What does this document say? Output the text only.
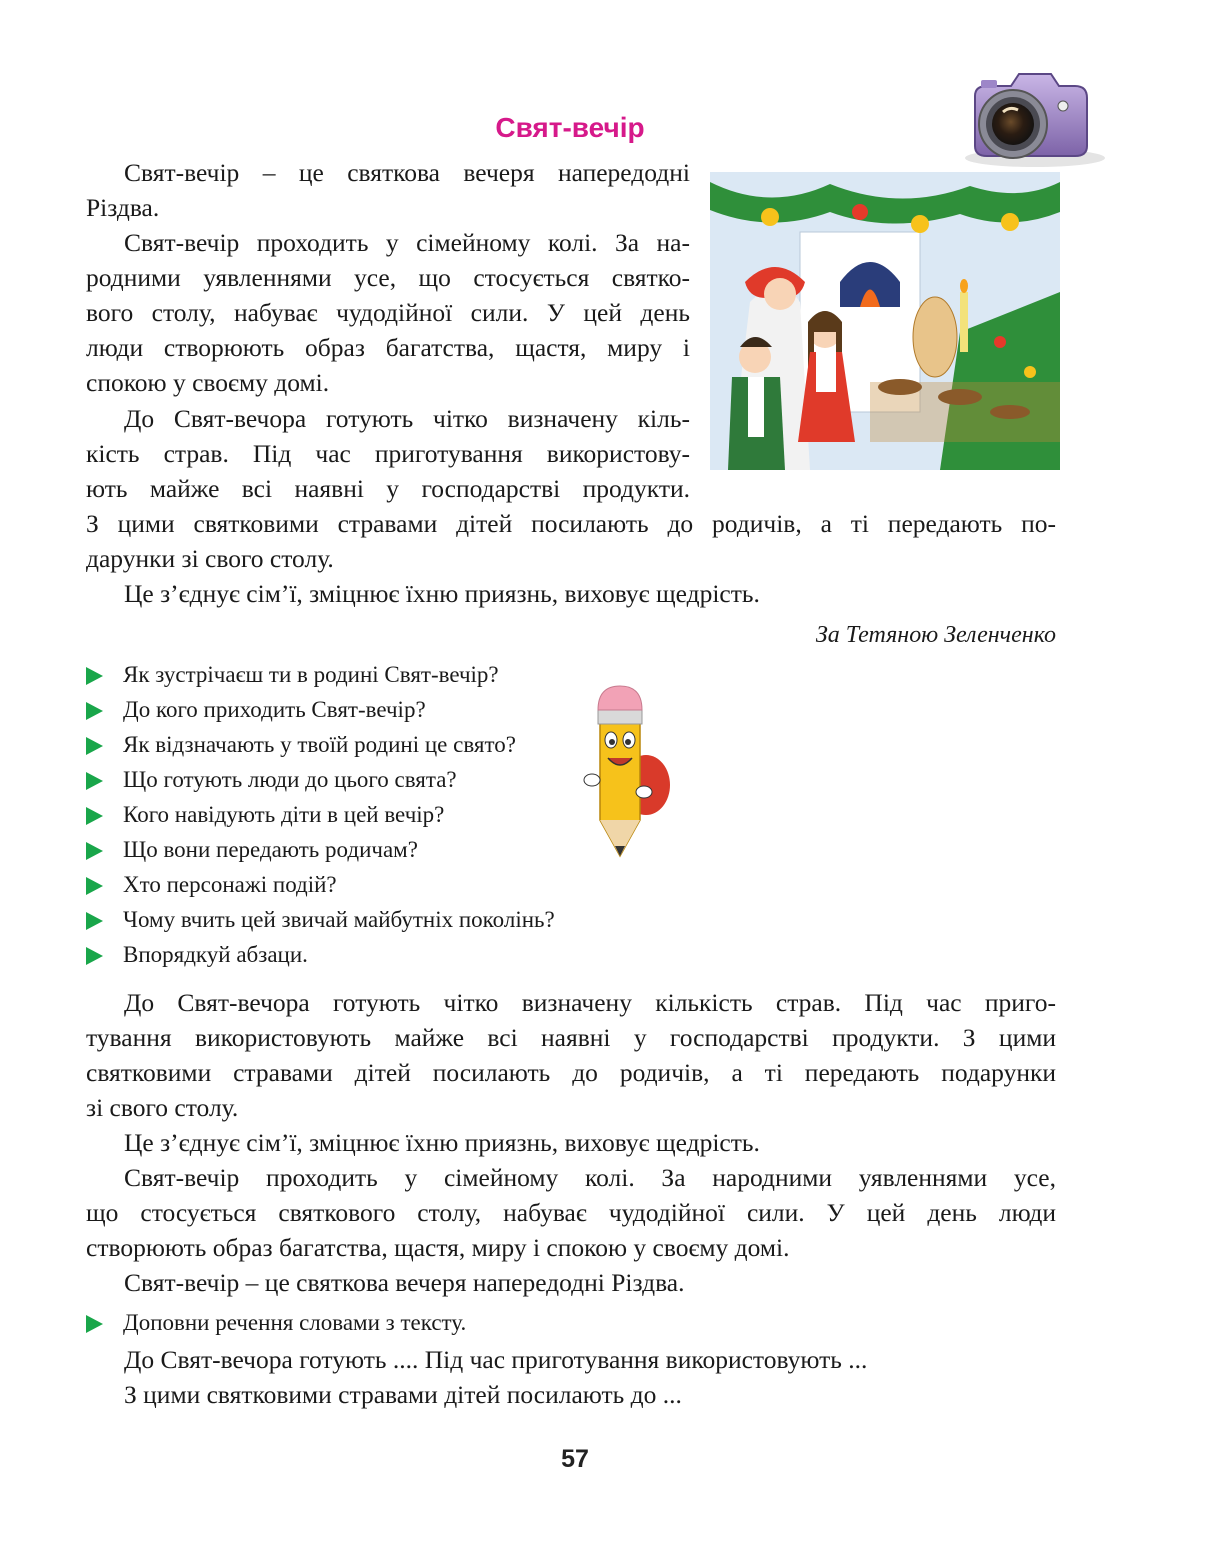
Свят-вечір
Свят-вечір – це святкова вечеря напередодні
Різдва.
Свят-вечір проходить у сімейному колі. За на-
родними уявленнями усе, що стосується святко-
вого столу, набуває чудодійної сили. У цей день
люди створюють образ багатства, щастя, миру і
спокою у своєму домі.
До Свят-вечора готують чітко визначену кіль-
кість страв. Під час приготування використову-
ють майже всі наявні у господарстві продукти.
З цими святковими стравами дітей посилають до родичів, а ті передають по-
дарунки зі свого столу.
Це з’єднує сім’ї, зміцнює їхню приязнь, виховує щедрість.
За Тетяною Зеленченко
Як зустрічаєш ти в родині Свят-вечір?
До кого приходить Свят-вечір?
Як відзначають у твоїй родині це свято?
Що готують люди до цього свята?
Кого навідують діти в цей вечір?
Що вони передають родичам?
Хто персонажі подій?
Чому вчить цей звичай майбутніх поколінь?
Впорядкуй абзаци.
До Свят-вечора готують чітко визначену кількість страв. Під час приго-
тування використовують майже всі наявні у господарстві продукти. З цими
святковими стравами дітей посилають до родичів, а ті передають подарунки
зі свого столу.
Це з’єднує сім’ї, зміцнює їхню приязнь, виховує щедрість.
Свят-вечір проходить у сімейному колі. За народними уявленнями усе,
що стосується святкового столу, набуває чудодійної сили. У цей день люди
створюють образ багатства, щастя, миру і спокою у своєму домі.
Свят-вечір – це святкова вечеря напередодні Різдва.
Доповни речення словами з тексту.
До Свят-вечора готують .... Під час приготування використовують ...
З цими святковими стравами дітей посилають до ...
57
